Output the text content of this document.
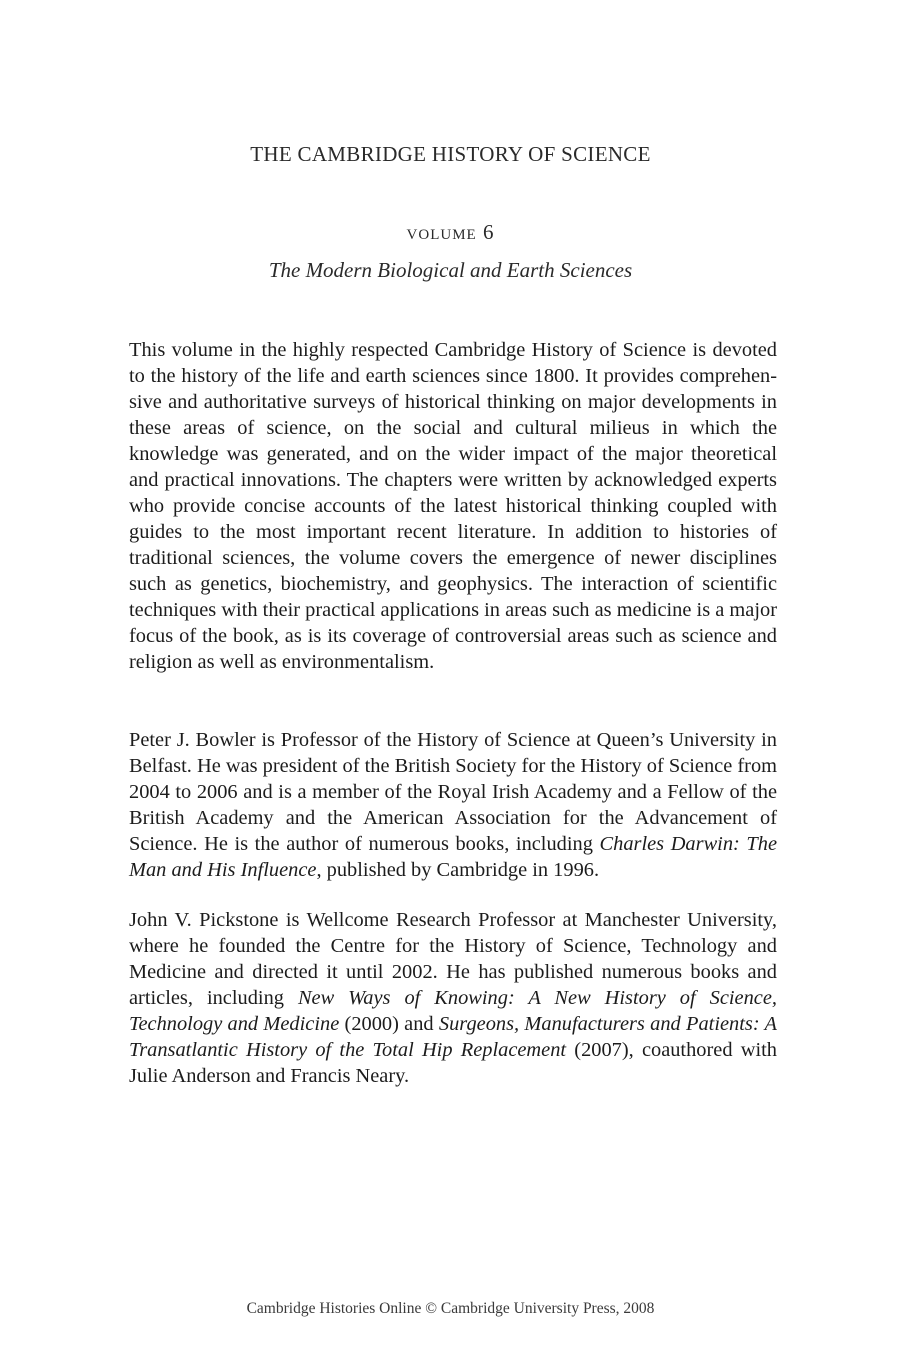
THE CAMBRIDGE HISTORY OF SCIENCE
volume 6
The Modern Biological and Earth Sciences

This volume in the highly respected Cambridge History of Science is devoted to the history of the life and earth sciences since 1800. It provides comprehensive and authoritative surveys of historical thinking on major developments in these areas of science, on the social and cultural milieus in which the knowledge was generated, and on the wider impact of the major theoretical and practical innovations. The chapters were written by acknowledged experts who provide concise accounts of the latest historical thinking coupled with guides to the most important recent literature. In addition to histories of traditional sciences, the volume covers the emergence of newer disciplines such as genetics, biochemistry, and geophysics. The interaction of scientific techniques with their practical applications in areas such as medicine is a major focus of the book, as is its coverage of controversial areas such as science and religion as well as environmentalism.

Peter J. Bowler is Professor of the History of Science at Queen’s University in Belfast. He was president of the British Society for the History of Science from 2004 to 2006 and is a member of the Royal Irish Academy and a Fellow of the British Academy and the American Association for the Advancement of Science. He is the author of numerous books, including Charles Darwin: The Man and His Influence, published by Cambridge in 1996.

John V. Pickstone is Wellcome Research Professor at Manchester University, where he founded the Centre for the History of Science, Technology and Medicine and directed it until 2002. He has published numerous books and articles, including New Ways of Knowing: A New History of Science, Technology and Medicine (2000) and Surgeons, Manufacturers and Patients: A Transatlantic History of the Total Hip Replacement (2007), coauthored with Julie Anderson and Francis Neary.

Cambridge Histories Online © Cambridge University Press, 2008
